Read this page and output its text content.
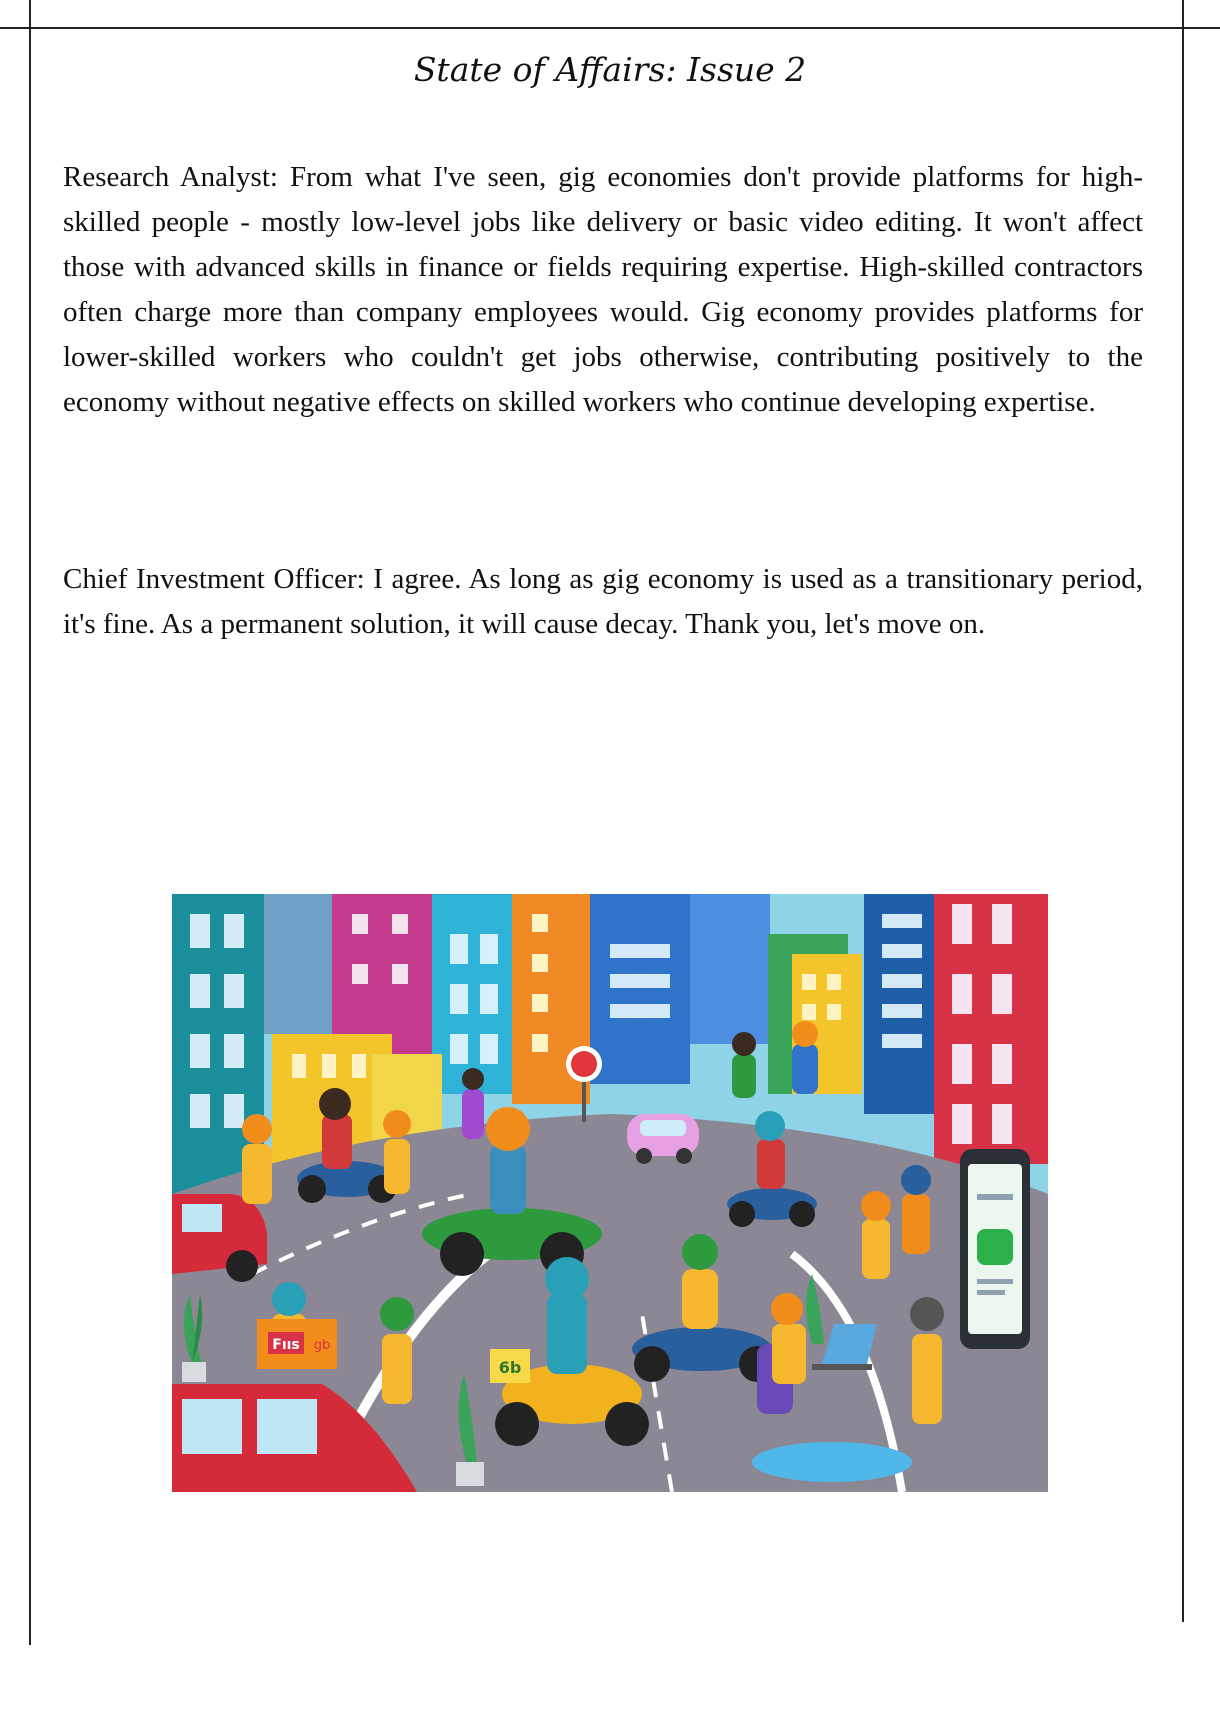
State of Affairs: Issue 2

Research Analyst: From what I've seen, gig economies don't provide platforms for high-skilled people - mostly low-level jobs like delivery or basic video editing. It won't affect those with advanced skills in finance or fields requiring expertise. High-skilled contractors often charge more than company employees would. Gig economy provides platforms for lower-skilled workers who couldn't get jobs otherwise, contributing positively to the economy without negative effects on skilled workers who continue developing expertise.

Chief Investment Officer: I agree. As long as gig economy is used as a transitionary period, it's fine. As a permanent solution, it will cause decay. Thank you, let's move on.

6b
Fııs gb
